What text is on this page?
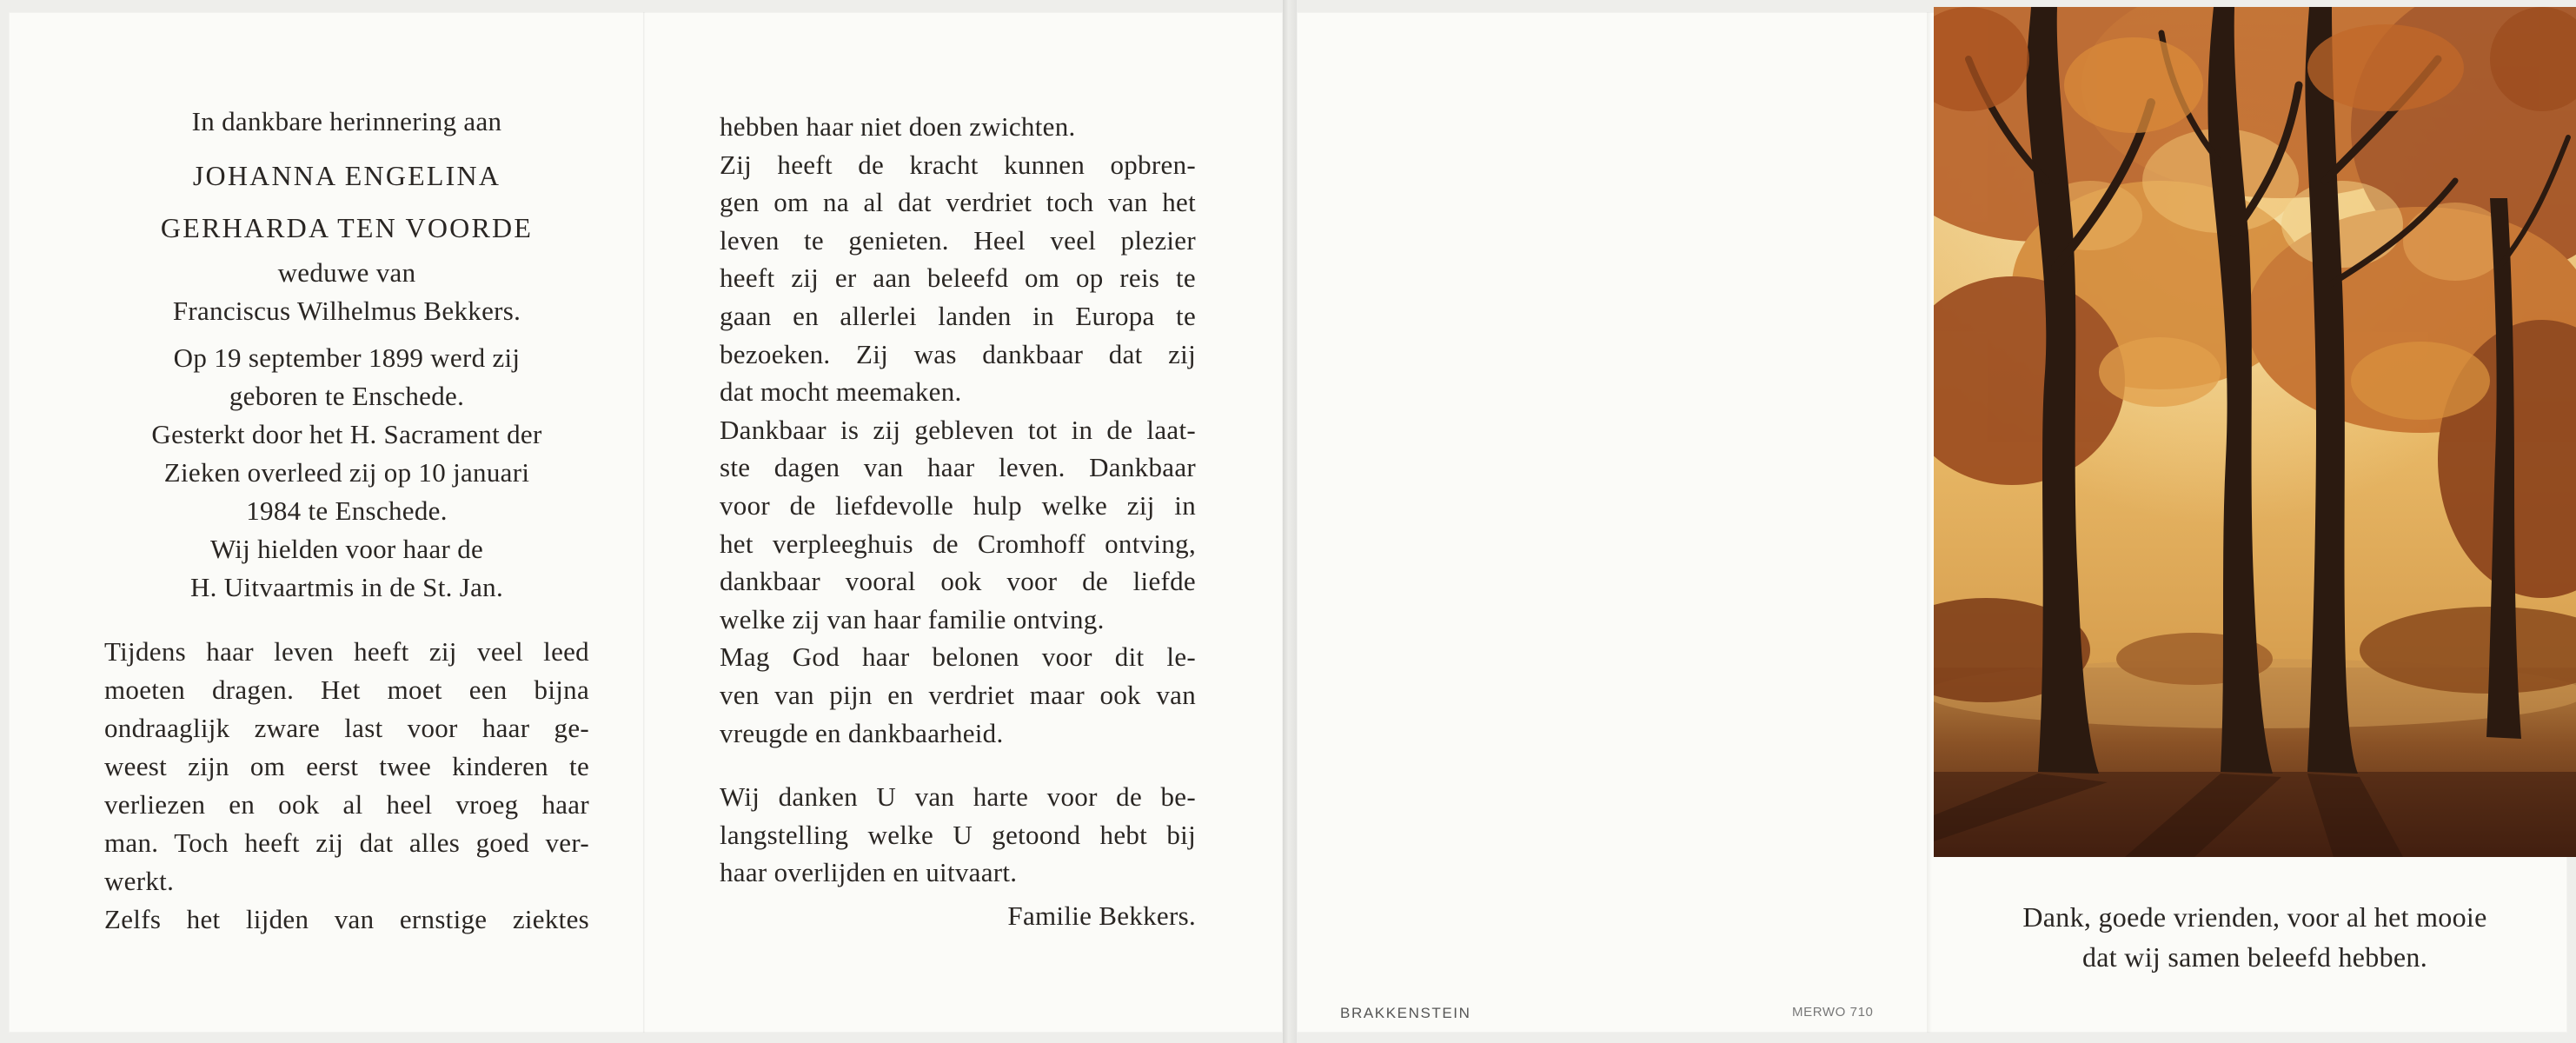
In dankbare herinnering aan
JOHANNA ENGELINA
GERHARDA TEN VOORDE
weduwe van
Franciscus Wilhelmus Bekkers.
Op 19 september 1899 werd zij
geboren te Enschede.
Gesterkt door het H. Sacrament der
Zieken overleed zij op 10 januari
1984 te Enschede.
Wij hielden voor haar de
H. Uitvaartmis in de St. Jan.
Tijdens haar leven heeft zij veel leed
moeten dragen. Het moet een bijna
ondraaglijk zware last voor haar ge-
weest zijn om eerst twee kinderen te
verliezen en ook al heel vroeg haar
man. Toch heeft zij dat alles goed ver-
werkt.
Zelfs het lijden van ernstige ziektes
hebben haar niet doen zwichten.
Zij heeft de kracht kunnen opbren-
gen om na al dat verdriet toch van het
leven te genieten. Heel veel plezier
heeft zij er aan beleefd om op reis te
gaan en allerlei landen in Europa te
bezoeken. Zij was dankbaar dat zij
dat mocht meemaken.
Dankbaar is zij gebleven tot in de laat-
ste dagen van haar leven. Dankbaar
voor de liefdevolle hulp welke zij in
het verpleeghuis de Cromhoff ontving,
dankbaar vooral ook voor de liefde
welke zij van haar familie ontving.
Mag God haar belonen voor dit le-
ven van pijn en verdriet maar ook van
vreugde en dankbaarheid.
Wij danken U van harte voor de be-
langstelling welke U getoond hebt bij
haar overlijden en uitvaart.
Familie Bekkers.	Dank, goede vrienden, voor al het mooie
dat wij samen beleefd hebben.
BRAKKENSTEIN	MERWO 710
